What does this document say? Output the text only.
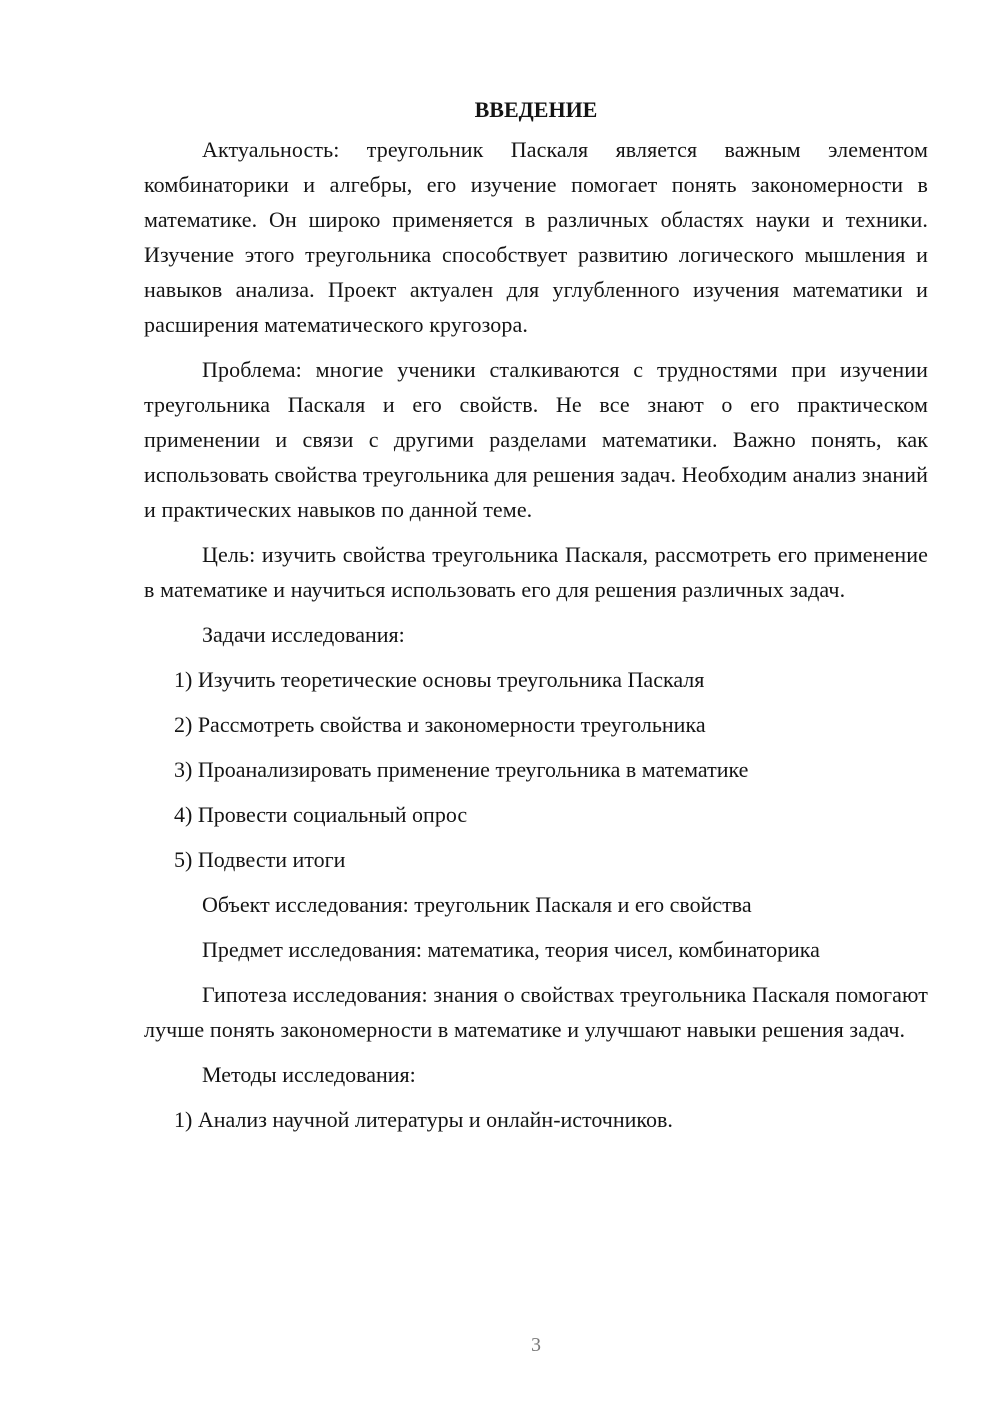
ВВЕДЕНИЕ

Актуальность: треугольник Паскаля является важным элементом комбинаторики и алгебры, его изучение помогает понять закономерности в математике. Он широко применяется в различных областях науки и техники. Изучение этого треугольника способствует развитию логического мышления и навыков анализа. Проект актуален для углубленного изучения математики и расширения математического кругозора.

Проблема: многие ученики сталкиваются с трудностями при изучении треугольника Паскаля и его свойств. Не все знают о его практическом применении и связи с другими разделами математики. Важно понять, как использовать свойства треугольника для решения задач. Необходим анализ знаний и практических навыков по данной теме.

Цель: изучить свойства треугольника Паскаля, рассмотреть его применение в математике и научиться использовать его для решения различных задач.

Задачи исследования:
1) Изучить теоретические основы треугольника Паскаля
2) Рассмотреть свойства и закономерности треугольника
3) Проанализировать применение треугольника в математике
4) Провести социальный опрос
5) Подвести итоги
Объект исследования: треугольник Паскаля и его свойства
Предмет исследования: математика, теория чисел, комбинаторика

Гипотеза исследования: знания о свойствах треугольника Паскаля помогают лучше понять закономерности в математике и улучшают навыки решения задач.

Методы исследования:
1) Анализ научной литературы и онлайн-источников.
3
